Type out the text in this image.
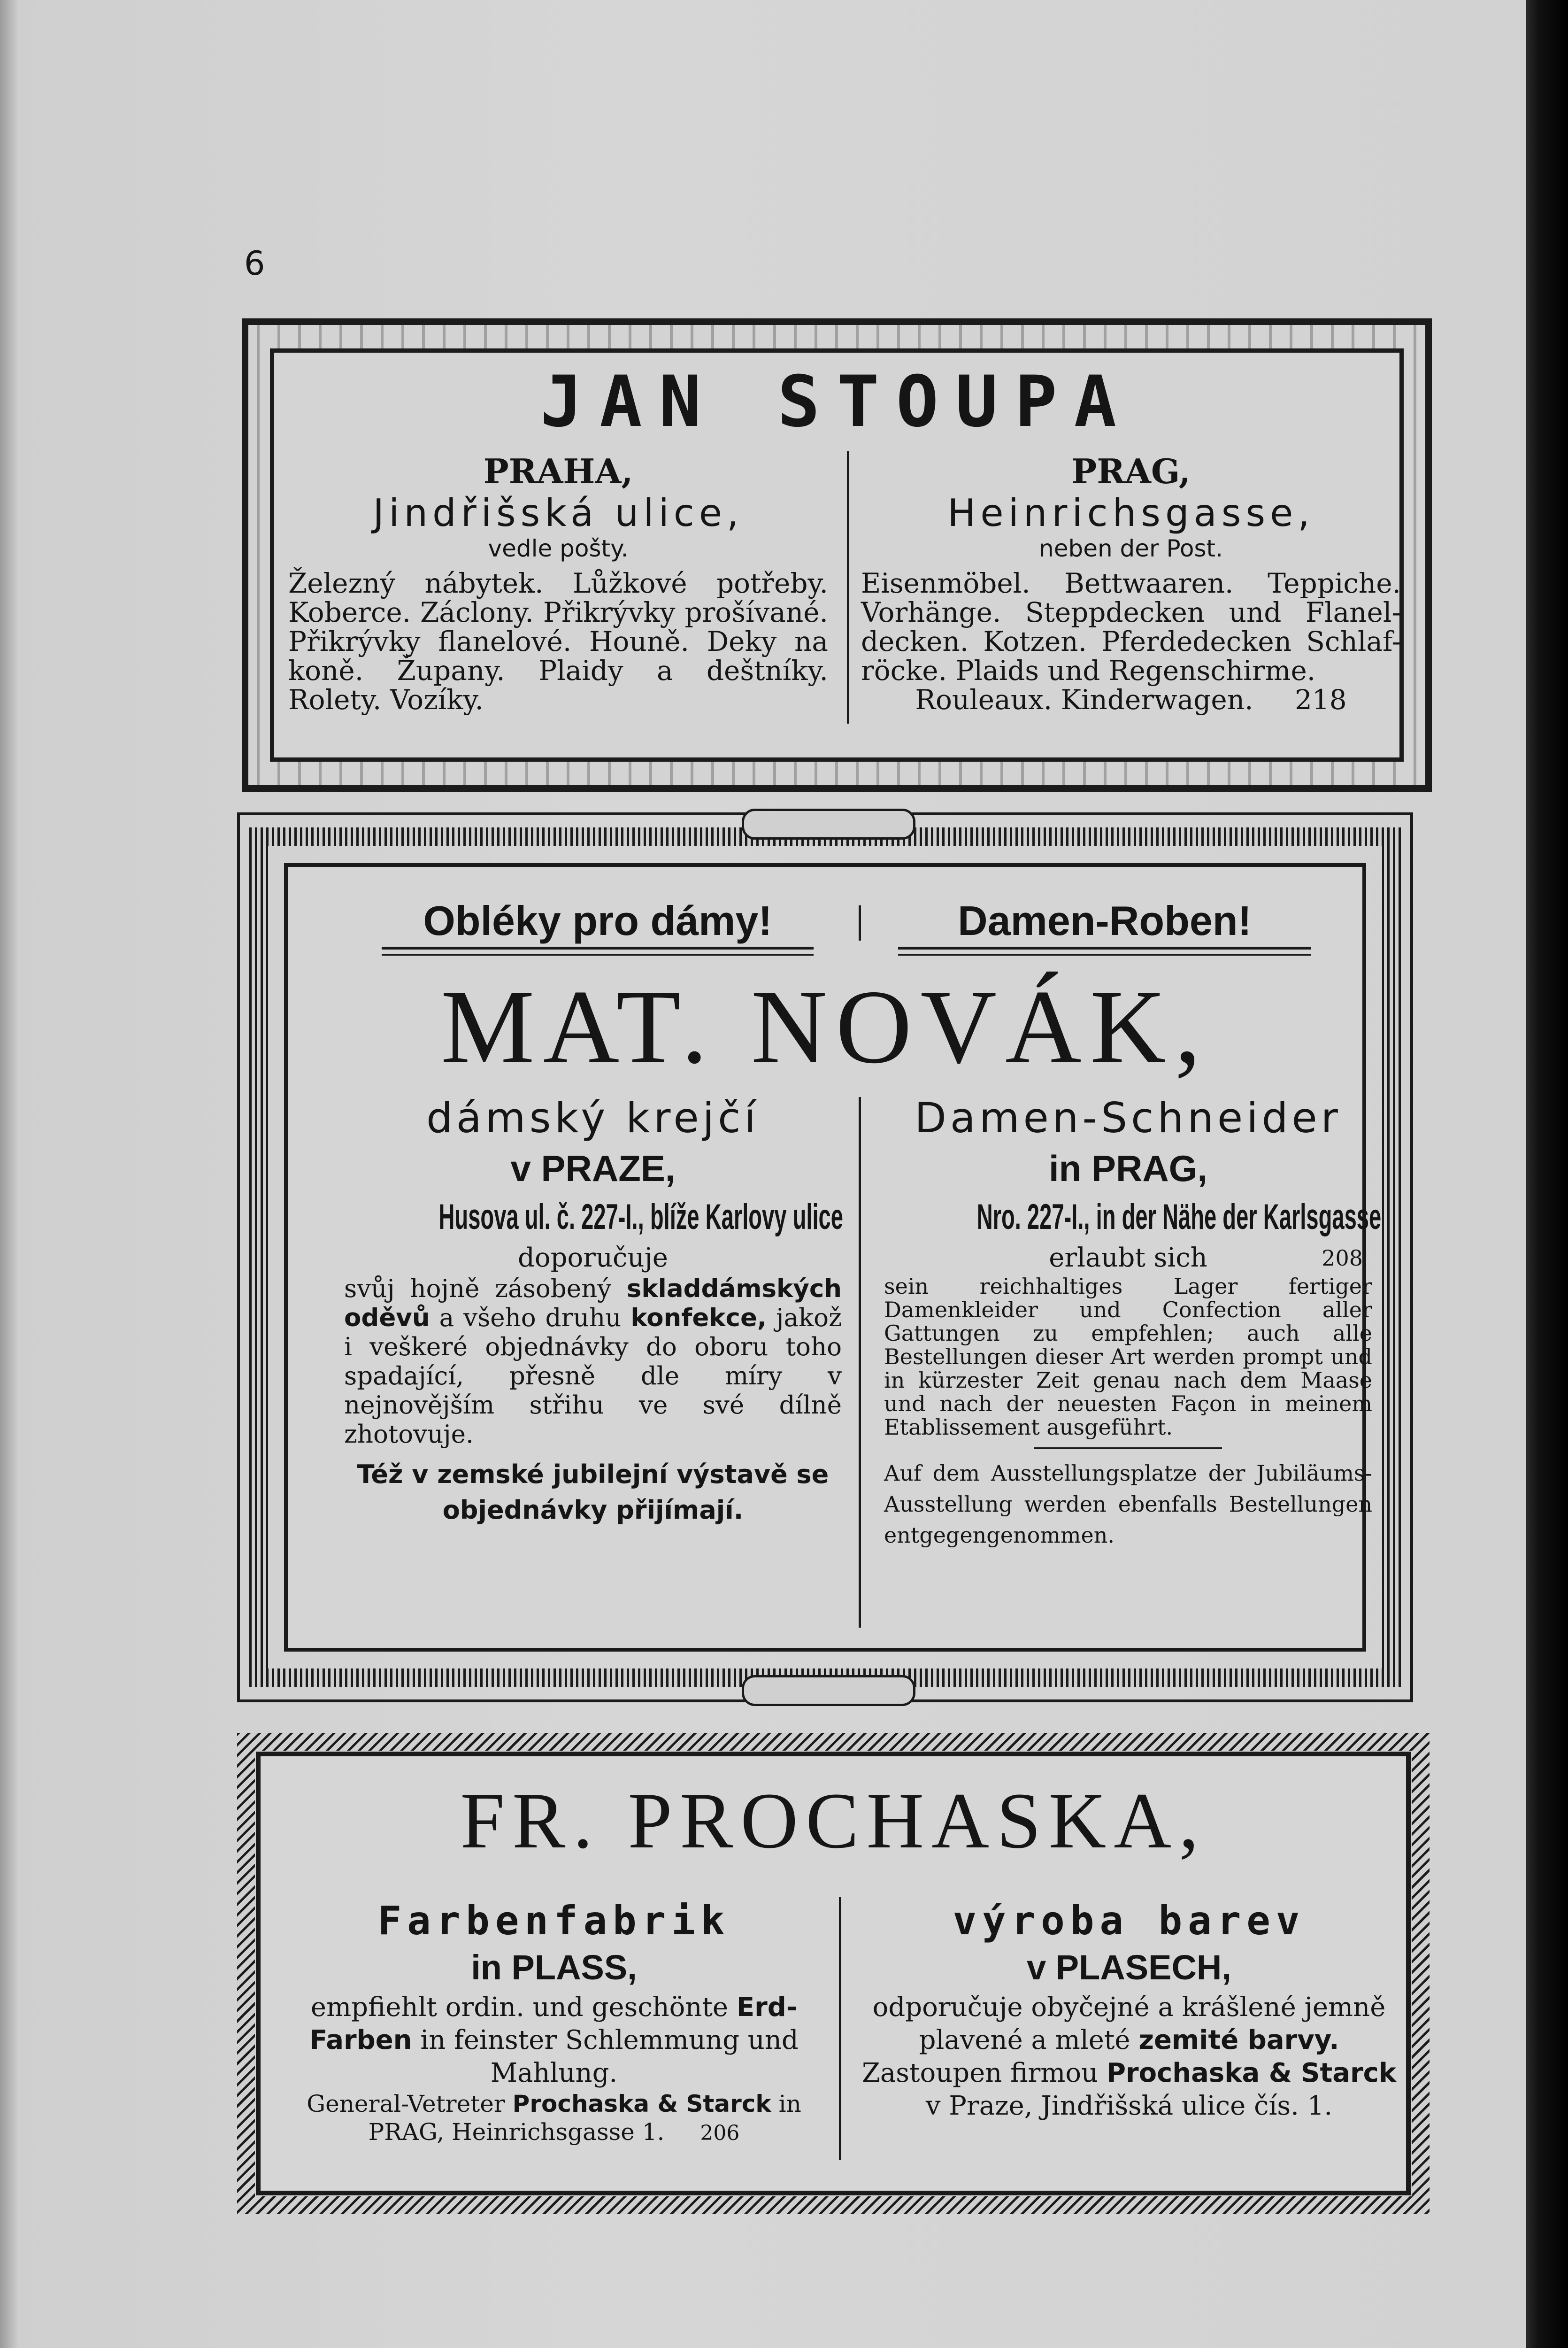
6
JAN STOUPA
PRAHA,
Jindřišská ulice,
vedle pošty.
Železný nábytek. Lůžkové potřeby. Koberce. Záclony. Přikrývky prošívané. Přikrývky flanelové. Houně. Deky na koně. Župany. Plaidy a deštníky. Rolety. Vozíky.
PRAG,
Heinrichsgasse,
neben der Post.
Eisenmöbel. Bettwaaren. Teppiche. Vorhänge. Steppdecken und Flanel-decken. Kotzen. Pferdedecken Schlaf-röcke. Plaids und Regenschirme.
Rouleaux. Kinderwagen. 218
Obléky pro dámy!	Damen-Roben!
MAT. NOVÁK,
dámský krejčí
v PRAZE,
Husova ul. č. 227-I., blíže Karlovy ulice
doporučuje
svůj hojně zásobený skladdámských oděvů a všeho druhu konfekce, jakož i veškeré objednávky do oboru toho spadající, přesně dle míry v nejnovějším střihu ve své dílně zhotovuje.
Též v zemské jubilejní výstavě se objednávky přijímají.
Damen-Schneider
in PRAG,
Nro. 227-I., in der Nähe der Karlsgasse
erlaubt sich	208
sein reichhaltiges Lager fertiger Damenkleider und Confection aller Gattungen zu empfehlen; auch alle Bestellungen dieser Art werden prompt und in kürzester Zeit genau nach dem Maase und nach der neuesten Façon in meinem Etablissement ausgeführt.
Auf dem Ausstellungsplatze der Jubiläums-Ausstellung werden ebenfalls Bestellungen entgegengenommen.
FR. PROCHASKA,
Farbenfabrik
in PLASS,
empfiehlt ordin. und geschönte Erd-Farben in feinster Schlemmung und Mahlung.
General-Vetreter Prochaska & Starck in PRAG, Heinrichsgasse 1. 206
výroba barev
v PLASECH,
odporučuje obyčejné a krášlené jemně plavené a mleté zemité barvy.
Zastoupen firmou Prochaska & Starck
v Praze, Jindřišská ulice čís. 1.
